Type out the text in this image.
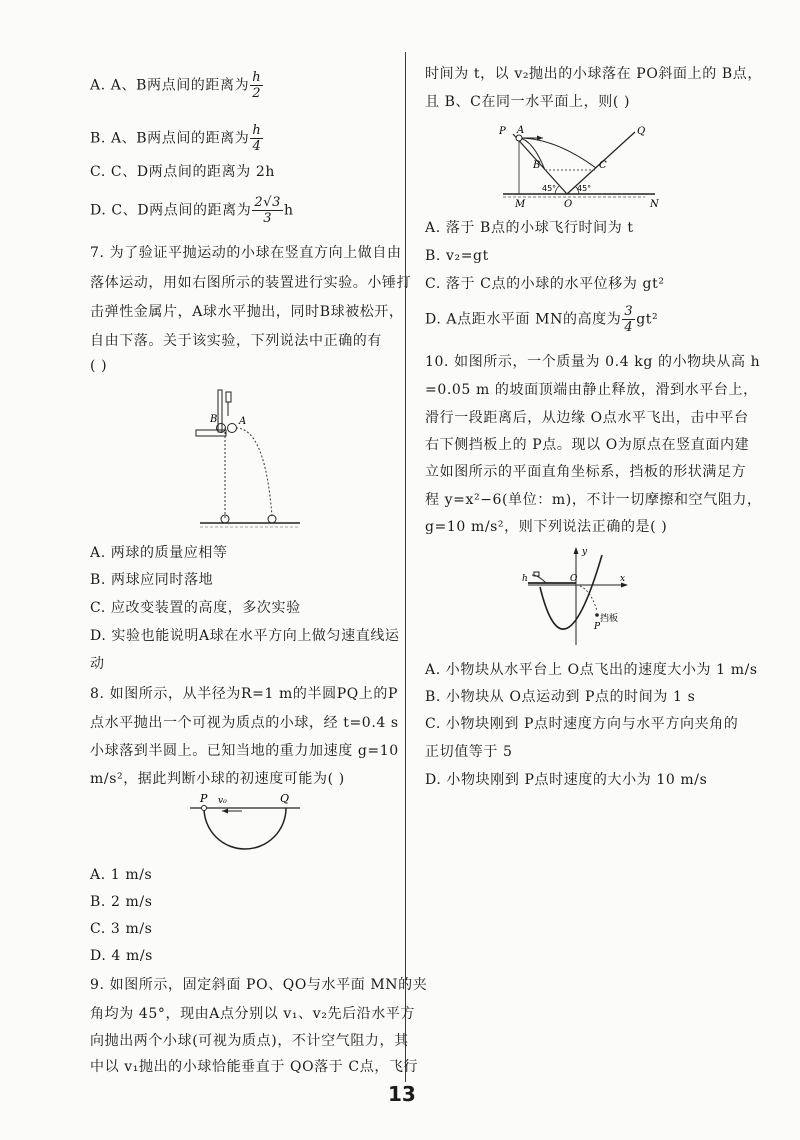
A. A、B两点间的距离为 $\frac{h}{2}$
B. A、B两点间的距离为 $\frac{h}{4}$
C. C、D两点间的距离为 2h
D. C、D两点间的距离为 $\frac{2√3}{3}$ h
7. 为了验证平抛运动的小球在竖直方向上做自由
落体运动，用如右图所示的装置进行实验。小锤打
击弹性金属片，A球水平抛出，同时B球被松开，
自由下落。关于该实验，下列说法中正确的有
( )
B A
A. 两球的质量应相等
B. 两球应同时落地
C. 应改变装置的高度，多次实验
D. 实验也能说明A球在水平方向上做匀速直线运
动
8. 如图所示，从半径为R=1 m的半圆PQ上的P
点水平抛出一个可视为质点的小球，经 t=0.4 s
小球落到半圆上。已知当地的重力加速度 g=10
m/s²，据此判断小球的初速度可能为( )
P v₀	Q
A. 1 m/s
B. 2 m/s
C. 3 m/s
D. 4 m/s
9. 如图所示，固定斜面 PO、QO与水平面 MN的夹
角均为 45°，现由A点分别以 v₁、v₂先后沿水平方
向抛出两个小球(可视为质点)，不计空气阻力，其
中以 v₁抛出的小球恰能垂直于 QO落于 C点，飞行
时间为 t，以 v₂抛出的小球落在 PO斜面上的 B点，
且 B、C在同一水平面上，则( )
P A
B
Q
C
M	O	N
45°	45°
A. 落于 B点的小球飞行时间为 t
B. v₂=gt
C. 落于 C点的小球的水平位移为 gt²
D. A点距水平面 MN的高度为 $\frac{3}{4} gt^2$
10. 如图所示，一个质量为 0.4 kg 的小物块从高 h
=0.05 m 的坡面顶端由静止释放，滑到水平台上，
滑行一段距离后，从边缘 O点水平飞出，击中平台
右下侧挡板上的 P点。现以 O为原点在竖直面内建
立如图所示的平面直角坐标系，挡板的形状满足方
程 y=x²−6(单位：m)，不计一切摩擦和空气阻力，
g=10 m/s²，则下列说法正确的是( )
y
x
O
h
挡板
P
A. 小物块从水平台上 O点飞出的速度大小为 1 m/s
B. 小物块从 O点运动到 P点的时间为 1 s
C. 小物块刚到 P点时速度方向与水平方向夹角的
正切值等于 5
D. 小物块刚到 P点时速度的大小为 10 m/s
13
